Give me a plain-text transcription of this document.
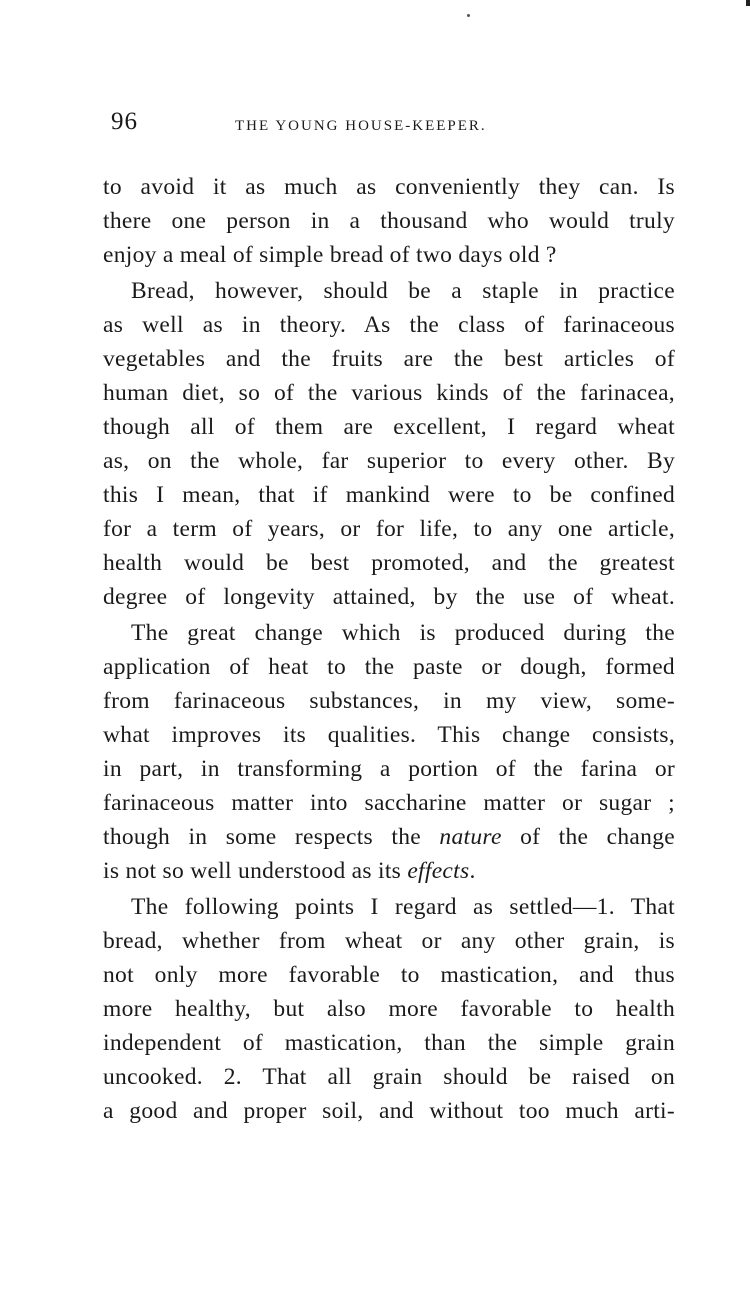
96	THE YOUNG HOUSE-KEEPER.
to avoid it as much as conveniently they can. Is
there one person in a thousand who would truly
enjoy a meal of simple bread of two days old ?
Bread, however, should be a staple in practice
as well as in theory. As the class of farinaceous
vegetables and the fruits are the best articles of
human diet, so of the various kinds of the farinacea,
though all of them are excellent, I regard wheat
as, on the whole, far superior to every other. By
this I mean, that if mankind were to be confined
for a term of years, or for life, to any one article,
health would be best promoted, and the greatest
degree of longevity attained, by the use of wheat.
The great change which is produced during the
application of heat to the paste or dough, formed
from farinaceous substances, in my view, some-
what improves its qualities. This change consists,
in part, in transforming a portion of the farina or
farinaceous matter into saccharine matter or sugar ;
though in some respects the nature of the change
is not so well understood as its effects.
The following points I regard as settled—1. That
bread, whether from wheat or any other grain, is
not only more favorable to mastication, and thus
more healthy, but also more favorable to health
independent of mastication, than the simple grain
uncooked. 2. That all grain should be raised on
a good and proper soil, and without too much arti-
